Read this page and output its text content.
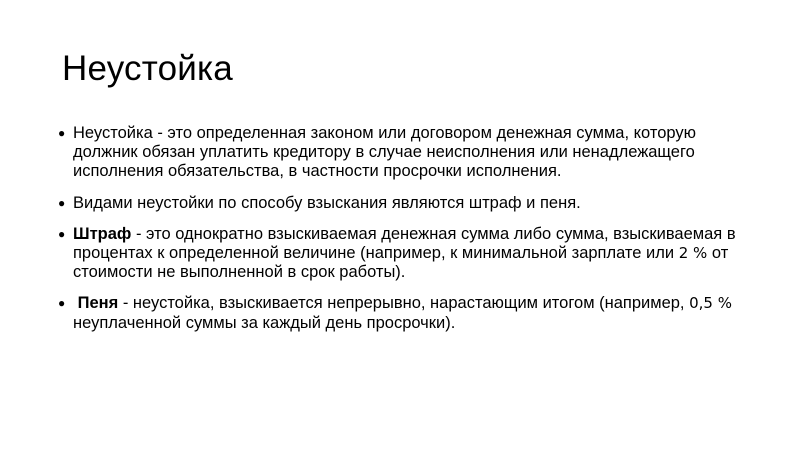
Неустойка
● Неустойка - это определенная законом или договором денежная сумма, которую должник обязан уплатить кредитору в случае неисполнения или ненадлежащего исполнения обязательства, в частности просрочки исполнения.
● Видами неустойки по способу взыскания являются штраф и пеня.
● Штраф - это однократно взыскиваемая денежная сумма либо сумма, взыскиваемая в процентах к определенной величине (например, к минимальной зарплате или 2 % от стоимости не выполненной в срок работы).
● Пеня - неустойка, взыскивается непрерывно, нарастающим итогом (например, 0,5 % неуплаченной суммы за каждый день просрочки).
